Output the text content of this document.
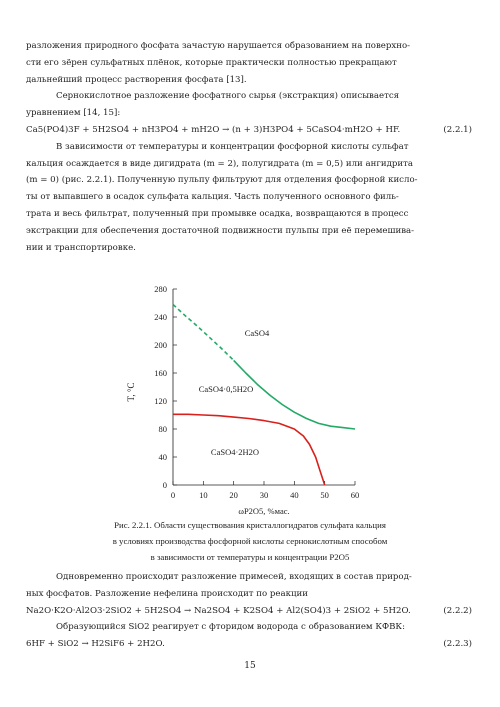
разложения природного фосфата зачастую нарушается образованием на поверхно-
сти его зёрен сульфатных плёнок, которые практически полностью прекращают
дальнейший процесс растворения фосфата [13].
Сернокислотное разложение фосфатного сырья (экстракция) описывается
уравнением [14, 15]:
Ca5(PO4)3F + 5H2SO4 + nH3PO4 + mH2O → (n + 3)H3PO4 + 5CaSO4·mH2O + HF.	(2.2.1)
В зависимости от температуры и концентрации фосфорной кислоты сульфат
кальция осаждается в виде дигидрата (m = 2), полугидрата (m = 0,5) или ангидрита
(m = 0) (рис. 2.2.1). Полученную пульпу фильтруют для отделения фосфорной кисло-
ты от выпавшего в осадок сульфата кальция. Часть полученного основного филь-
трата и весь фильтрат, полученный при промывке осадка, возвращаются в процесс
экстракции для обеспечения достаточной подвижности пульпы при её перемешива-
нии и транспортировке.
0
40
80
120
160
200
240
280
0	10	20	30	40	50	60
T, °C
ωP2O5, %мас.
CaSO4
CaSO4·0,5H2O
CaSO4·2H2O
Рис. 2.2.1. Области существования кристаллогидратов сульфата кальция
в условиях производства фосфорной кислоты сернокислотным способом
в зависимости от температуры и концентрации P2O5
Одновременно происходит разложение примесей, входящих в состав природ-
ных фосфатов. Разложение нефелина происходит по реакции
Na2O·K2O·Al2O3·2SiO2 + 5H2SO4 → Na2SO4 + K2SO4 + Al2(SO4)3 + 2SiO2 + 5H2O.	(2.2.2)
Образующийся SiO2 реагирует с фторидом водорода с образованием КФВК:
6HF + SiO2 → H2SiF6 + 2H2O.	(2.2.3)
15
